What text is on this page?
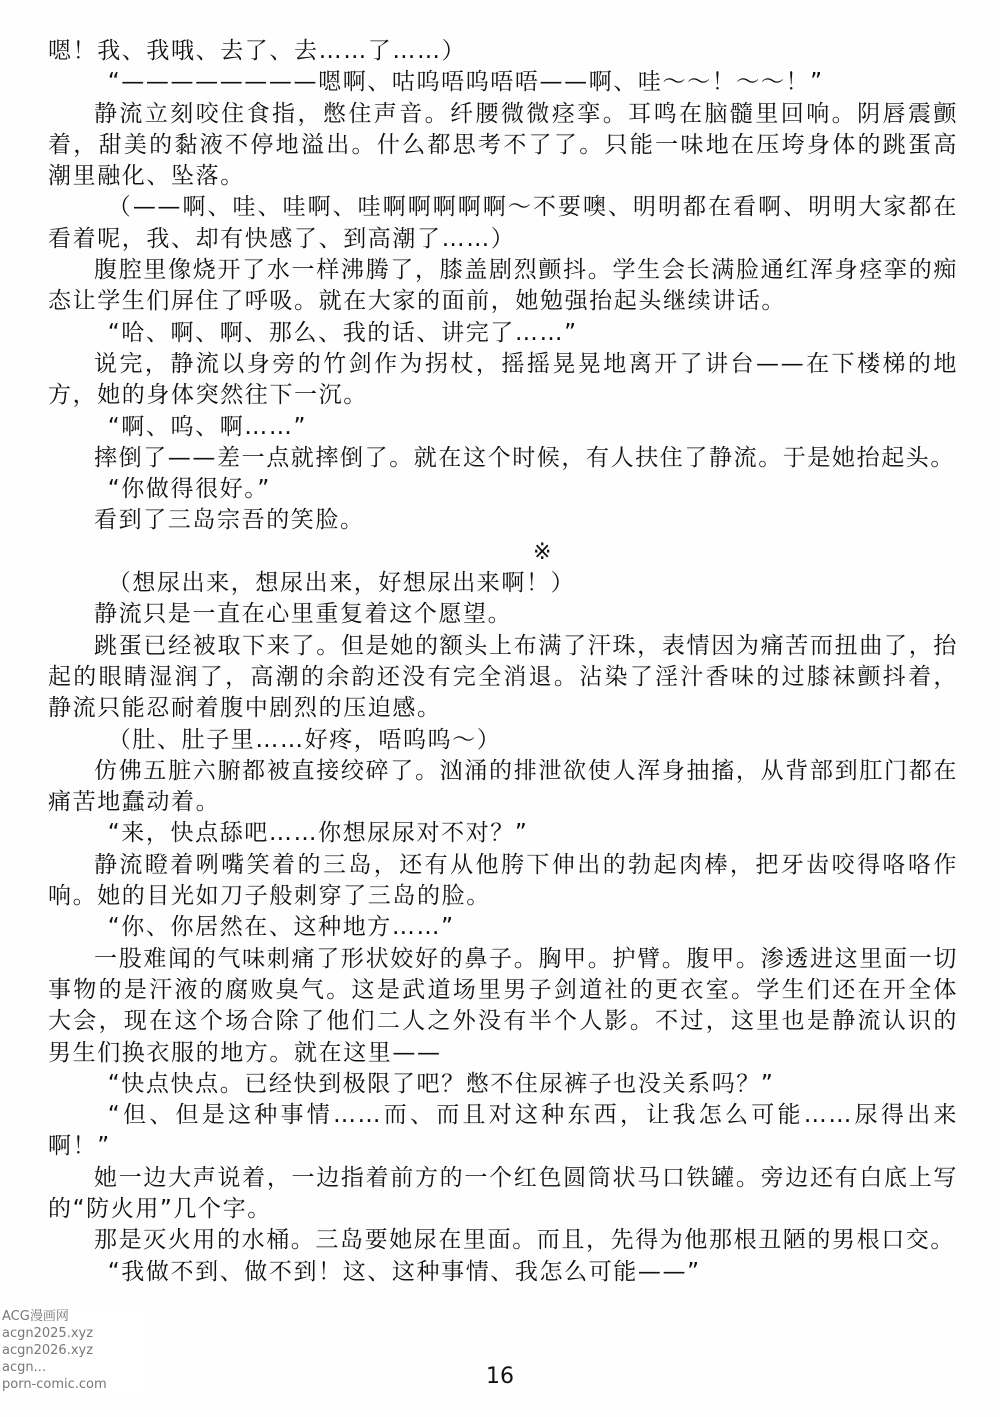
嗯！我、我哦、去了、去……了……）

“————————嗯啊、咕呜唔呜唔唔——啊、哇～～！～～！”

静流立刻咬住食指，憋住声音。纤腰微微痉挛。耳鸣在脑髓里回响。阴唇震颤着，甜美的黏液不停地溢出。什么都思考不了了。只能一味地在压垮身体的跳蛋高潮里融化、坠落。

（——啊、哇、哇啊、哇啊啊啊啊啊～不要噢、明明都在看啊、明明大家都在看着呢，我、却有快感了、到高潮了……）

腹腔里像烧开了水一样沸腾了，膝盖剧烈颤抖。学生会长满脸通红浑身痉挛的痴态让学生们屏住了呼吸。就在大家的面前，她勉强抬起头继续讲话。

“哈、啊、啊、那么、我的话、讲完了……”

说完，静流以身旁的竹剑作为拐杖，摇摇晃晃地离开了讲台——在下楼梯的地方，她的身体突然往下一沉。

“啊、呜、啊……”

摔倒了——差一点就摔倒了。就在这个时候，有人扶住了静流。于是她抬起头。

“你做得很好。”

看到了三岛宗吾的笑脸。

※

（想尿出来，想尿出来，好想尿出来啊！）

静流只是一直在心里重复着这个愿望。

跳蛋已经被取下来了。但是她的额头上布满了汗珠，表情因为痛苦而扭曲了，抬起的眼睛湿润了，高潮的余韵还没有完全消退。沾染了淫汁香味的过膝袜颤抖着，静流只能忍耐着腹中剧烈的压迫感。

（肚、肚子里……好疼，唔呜呜～）

仿佛五脏六腑都被直接绞碎了。汹涌的排泄欲使人浑身抽搐，从背部到肛门都在痛苦地蠢动着。

“来，快点舔吧……你想尿尿对不对？”

静流瞪着咧嘴笑着的三岛，还有从他胯下伸出的勃起肉棒，把牙齿咬得咯咯作响。她的目光如刀子般刺穿了三岛的脸。

“你、你居然在、这种地方……”

一股难闻的气味刺痛了形状姣好的鼻子。胸甲。护臂。腹甲。渗透进这里面一切事物的是汗液的腐败臭气。这是武道场里男子剑道社的更衣室。学生们还在开全体大会，现在这个场合除了他们二人之外没有半个人影。不过，这里也是静流认识的男生们换衣服的地方。就在这里——

“快点快点。已经快到极限了吧？憋不住尿裤子也没关系吗？”

“但、但是这种事情……而、而且对这种东西，让我怎么可能……尿得出来啊！”

她一边大声说着，一边指着前方的一个红色圆筒状马口铁罐。旁边还有白底上写的“防火用”几个字。

那是灭火用的水桶。三岛要她尿在里面。而且，先得为他那根丑陋的男根口交。

“我做不到、做不到！这、这种事情、我怎么可能——”

16
ACG漫画网
acgn2025.xyz
acgn2026.xyz
acgn...
porn-comic.com
